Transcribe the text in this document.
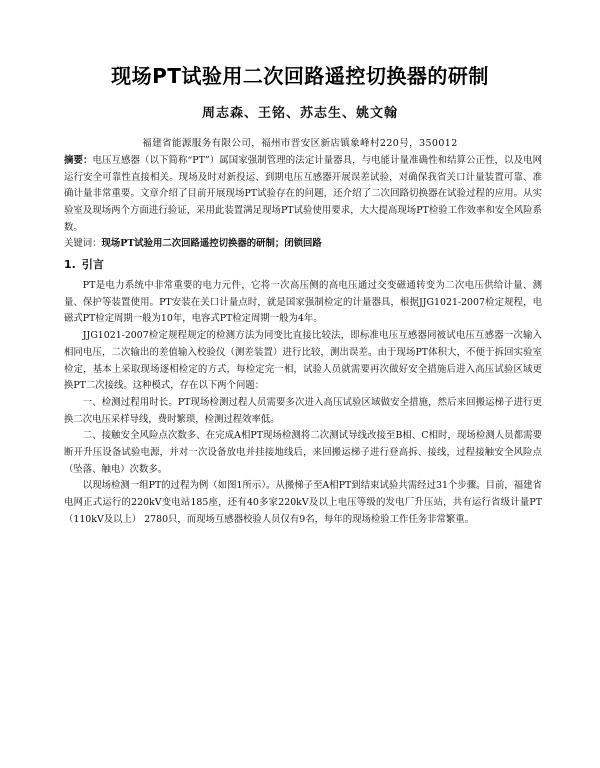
现场PT试验用二次回路遥控切换器的研制
周志森、王铭、苏志生、姚文翰
福建省能源服务有限公司，福州市晋安区新店镇象峰村220号，350012
摘要：电压互感器（以下简称“PT”）属国家强制管理的法定计量器具，与电能计量准确性和结算公正性，以及电网运行安全可靠性直接相关。现场及时对新投运、到期电压互感器开展误差试验，对确保我省关口计量装置可靠、准确计量非常重要。文章介绍了目前开展现场PT试验存在的问题，还介绍了二次回路切换器在试验过程的应用。从实验室及现场两个方面进行验证，采用此装置满足现场PT试验使用要求，大大提高现场PT检验工作效率和安全风险系数。
关键词：现场PT试验用二次回路遥控切换器的研制；闭锁回路
1. 引言

PT是电力系统中非常重要的电力元件，它将一次高压侧的高电压通过交变磁通转变为二次电压供给计量、测量、保护等装置使用。PT安装在关口计量点时，就是国家强制检定的计量器具，根据JJG1021-2007检定规程，电磁式PT检定周期一般为10年，电容式PT检定周期一般为4年。

JJG1021-2007检定规程规定的检测方法为同变比直接比较法，即标准电压互感器同被试电压互感器一次输入相同电压，二次输出的差值输入校验仪（测差装置）进行比较，测出误差。由于现场PT体积大，不便于拆回实验室检定，基本上采取现场逐相检定的方式，每检定完一相，试验人员就需要再次做好安全措施后进入高压试验区域更换PT二次接线。这种模式，存在以下两个问题：

一、检测过程用时长。PT现场检测过程人员需要多次进入高压试验区域做安全措施，然后来回搬运梯子进行更换二次电压采样导线，费时繁琐，检测过程效率低。

二、接触安全风险点次数多、在完成A相PT现场检测将二次测试导线改接至B相、C相时，现场检测人员都需要断开升压设备试验电源，并对一次设备放电并挂接地线后，来回搬运梯子进行登高拆、接线，过程接触安全风险点（坠落、触电）次数多。

以现场检测一组PT的过程为例（如图1所示）。从搬梯子至A相PT到结束试验共需经过31个步骤。目前，福建省电网正式运行的220kV变电站185座，还有40多家220kV及以上电压等级的发电厂升压站，共有运行省级计量PT（110kV及以上） 2780只，而现场互感器校验人员仅有9名，每年的现场检验工作任务非常繁重。
